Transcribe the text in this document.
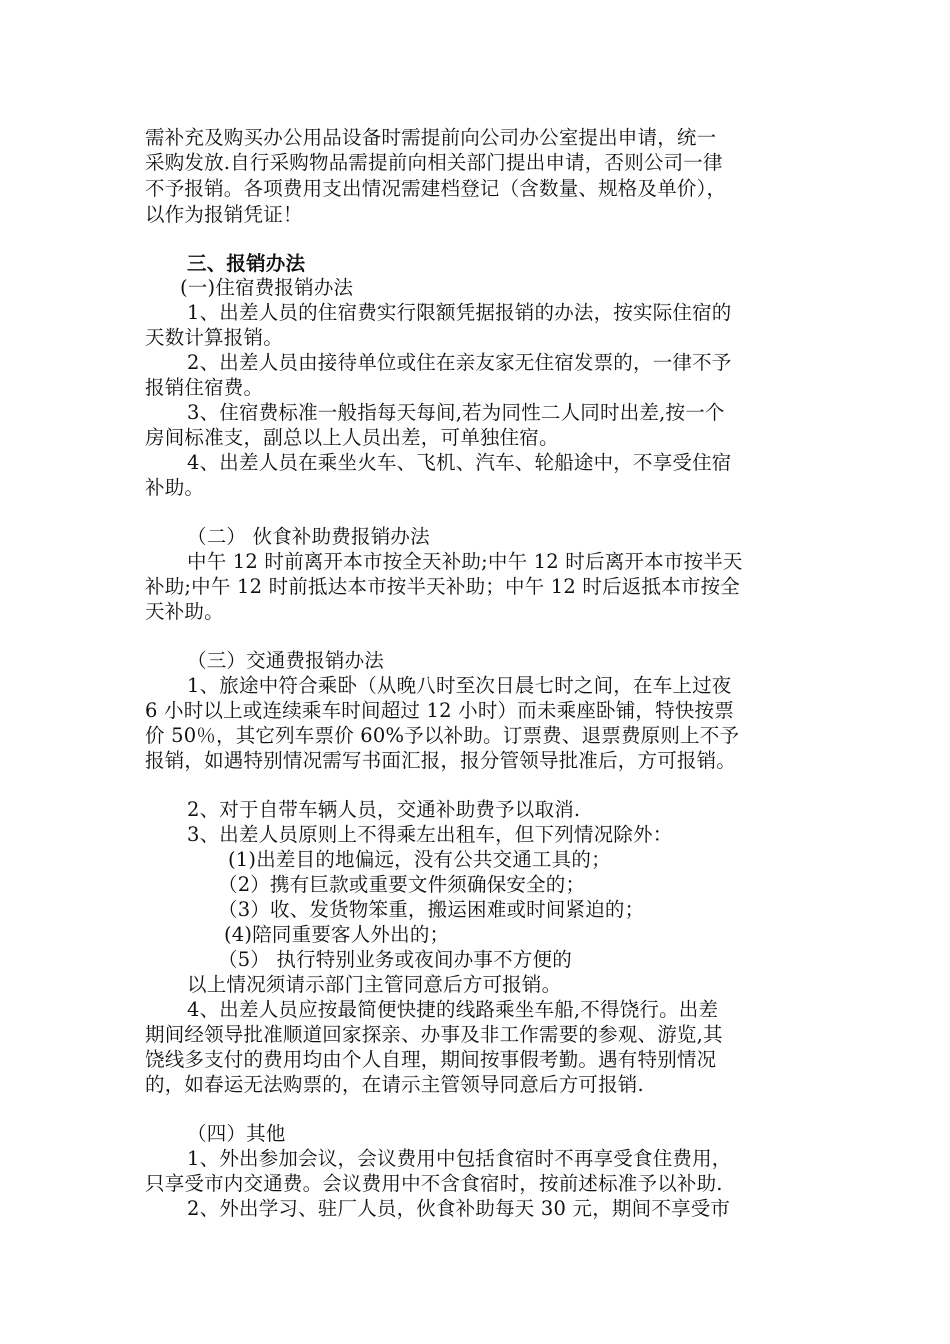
需补充及购买办公用品设备时需提前向公司办公室提出申请，统一
采购发放.自行采购物品需提前向相关部门提出申请，否则公司一律
不予报销。各项费用支出情况需建档登记（含数量、规格及单价），
以作为报销凭证！
三、报销办法
(一)住宿费报销办法
1、出差人员的住宿费实行限额凭据报销的办法，按实际住宿的
天数计算报销。
2、出差人员由接待单位或住在亲友家无住宿发票的，一律不予
报销住宿费。
3、住宿费标准一般指每天每间,若为同性二人同时出差,按一个
房间标准支，副总以上人员出差，可单独住宿。
4、出差人员在乘坐火车、飞机、汽车、轮船途中，不享受住宿
补助。
（二） 伙食补助费报销办法
中午 12 时前离开本市按全天补助;中午 12 时后离开本市按半天
补助;中午 12 时前抵达本市按半天补助；中午 12 时后返抵本市按全
天补助。
（三）交通费报销办法
1、旅途中符合乘卧（从晚八时至次日晨七时之间，在车上过夜
6 小时以上或连续乘车时间超过 12 小时）而未乘座卧铺，特快按票
价 50％，其它列车票价 60%予以补助。订票费、退票费原则上不予
报销，如遇特别情况需写书面汇报，报分管领导批准后，方可报销。
2、对于自带车辆人员，交通补助费予以取消.
3、出差人员原则上不得乘左出租车，但下列情况除外：
(1)出差目的地偏远，没有公共交通工具的；
（2）携有巨款或重要文件须确保安全的；
（3）收、发货物笨重，搬运困难或时间紧迫的；
(4)陪同重要客人外出的；
（5） 执行特别业务或夜间办事不方便的
以上情况须请示部门主管同意后方可报销。
4、出差人员应按最简便快捷的线路乘坐车船,不得饶行。出差
期间经领导批准顺道回家探亲、办事及非工作需要的参观、游览,其
饶线多支付的费用均由个人自理，期间按事假考勤。遇有特别情况
的，如春运无法购票的，在请示主管领导同意后方可报销.
（四）其他
1、外出参加会议，会议费用中包括食宿时不再享受食住费用，
只享受市内交通费。会议费用中不含食宿时，按前述标准予以补助.
2、外出学习、驻厂人员，伙食补助每天 30 元，期间不享受市
